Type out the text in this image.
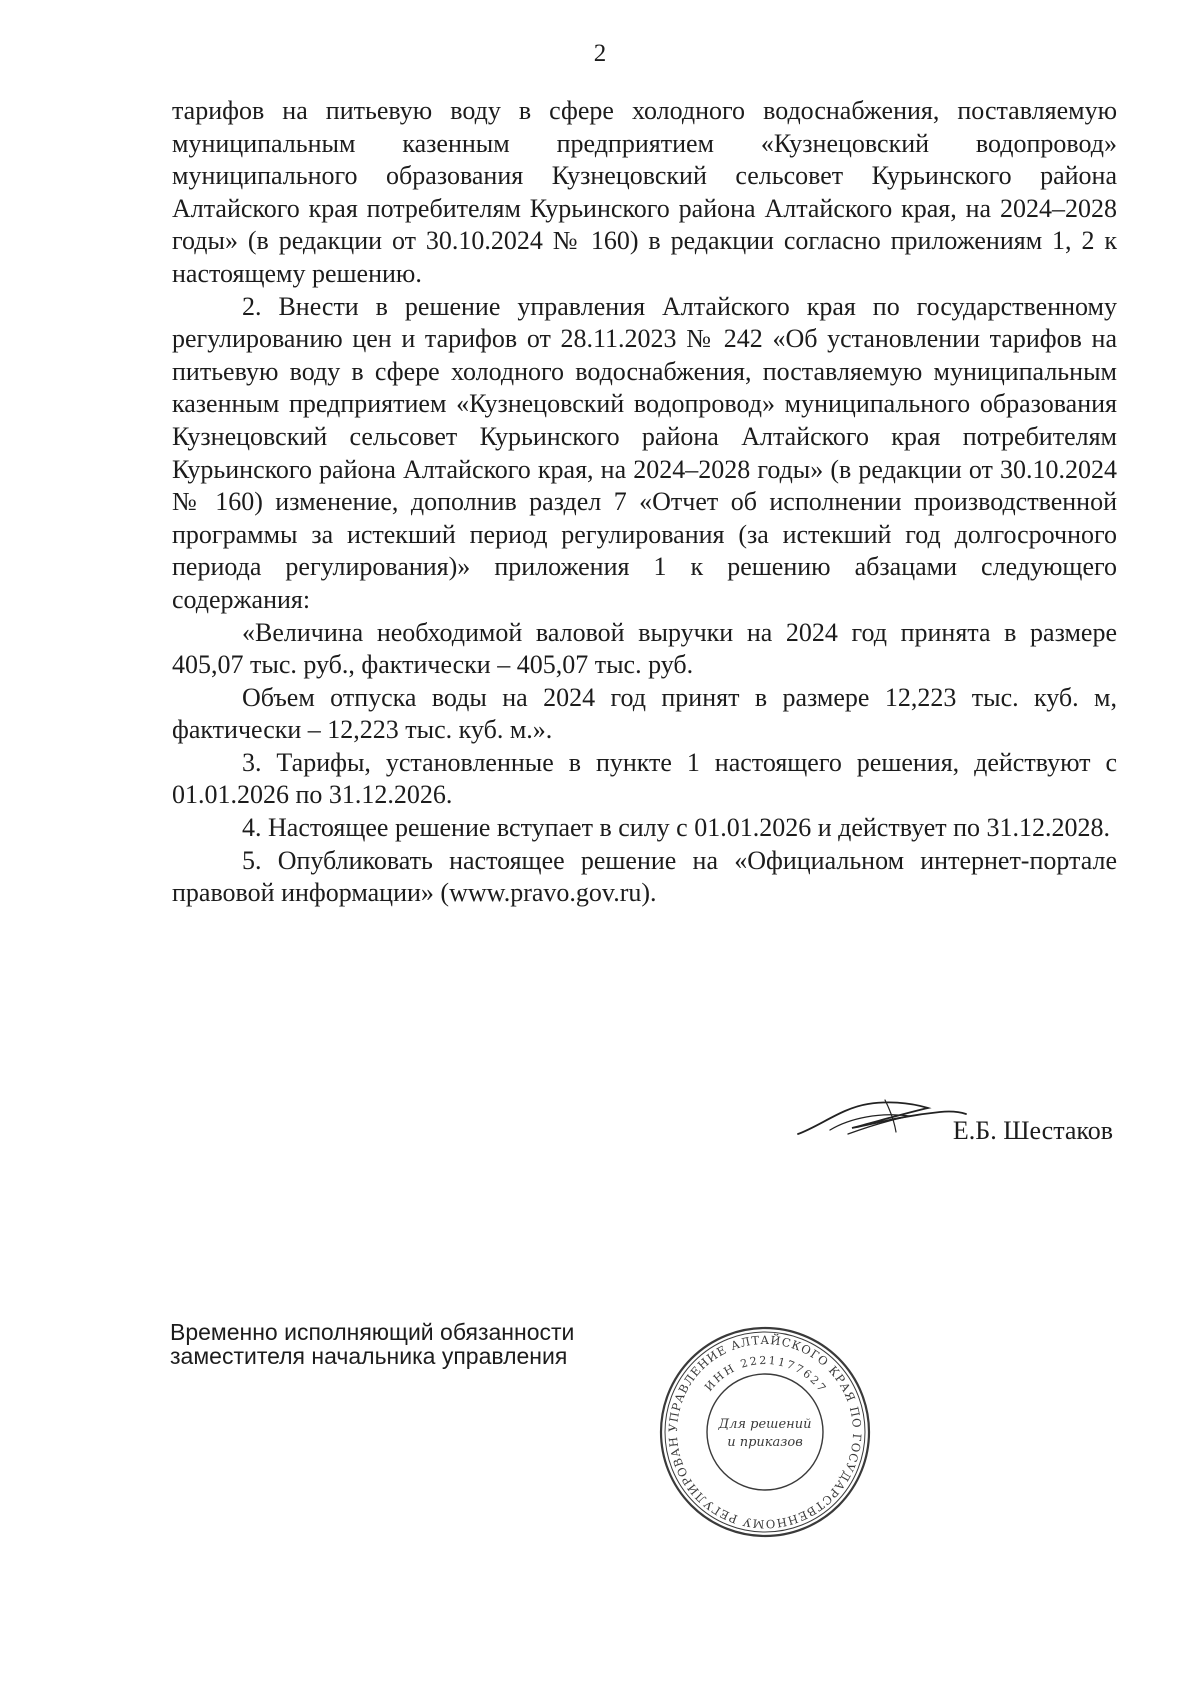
2

тарифов на питьевую воду в сфере холодного водоснабжения, поставляемую муниципальным казенным предприятием «Кузнецовский водопровод» муниципального образования Кузнецовский сельсовет Курьинского района Алтайского края потребителям Курьинского района Алтайского края, на 2024–2028 годы» (в редакции от 30.10.2024 № 160) в редакции согласно приложениям 1, 2 к настоящему решению.

2. Внести в решение управления Алтайского края по государственному регулированию цен и тарифов от 28.11.2023 № 242 «Об установлении тарифов на питьевую воду в сфере холодного водоснабжения, поставляемую муниципальным казенным предприятием «Кузнецовский водопровод» муниципального образования Кузнецовский сельсовет Курьинского района Алтайского края потребителям Курьинского района Алтайского края, на 2024–2028 годы» (в редакции от 30.10.2024 № 160) изменение, дополнив раздел 7 «Отчет об исполнении производственной программы за истекший период регулирования (за истекший год долгосрочного периода регулирования)» приложения 1 к решению абзацами следующего содержания:

«Величина необходимой валовой выручки на 2024 год принята в размере 405,07 тыс. руб., фактически – 405,07 тыс. руб.

Объем отпуска воды на 2024 год принят в размере 12,223 тыс. куб. м, фактически – 12,223 тыс. куб. м.».

3. Тарифы, установленные в пункте 1 настоящего решения, действуют с 01.01.2026 по 31.12.2026.

4. Настоящее решение вступает в силу с 01.01.2026 и действует по 31.12.2028.

5. Опубликовать настоящее решение на «Официальном интернет-портале правовой информации» (www.pravo.gov.ru).

Временно исполняющий обязанности
заместителя начальника управления
УПРАВЛЕНИЕ АЛТАЙСКОГО КРАЯ ПО ГОСУДАРСТВЕННОМУ РЕГУЛИРОВАН
ИНН 2221177627
Для решений
и приказов
Е.Б. Шестаков
